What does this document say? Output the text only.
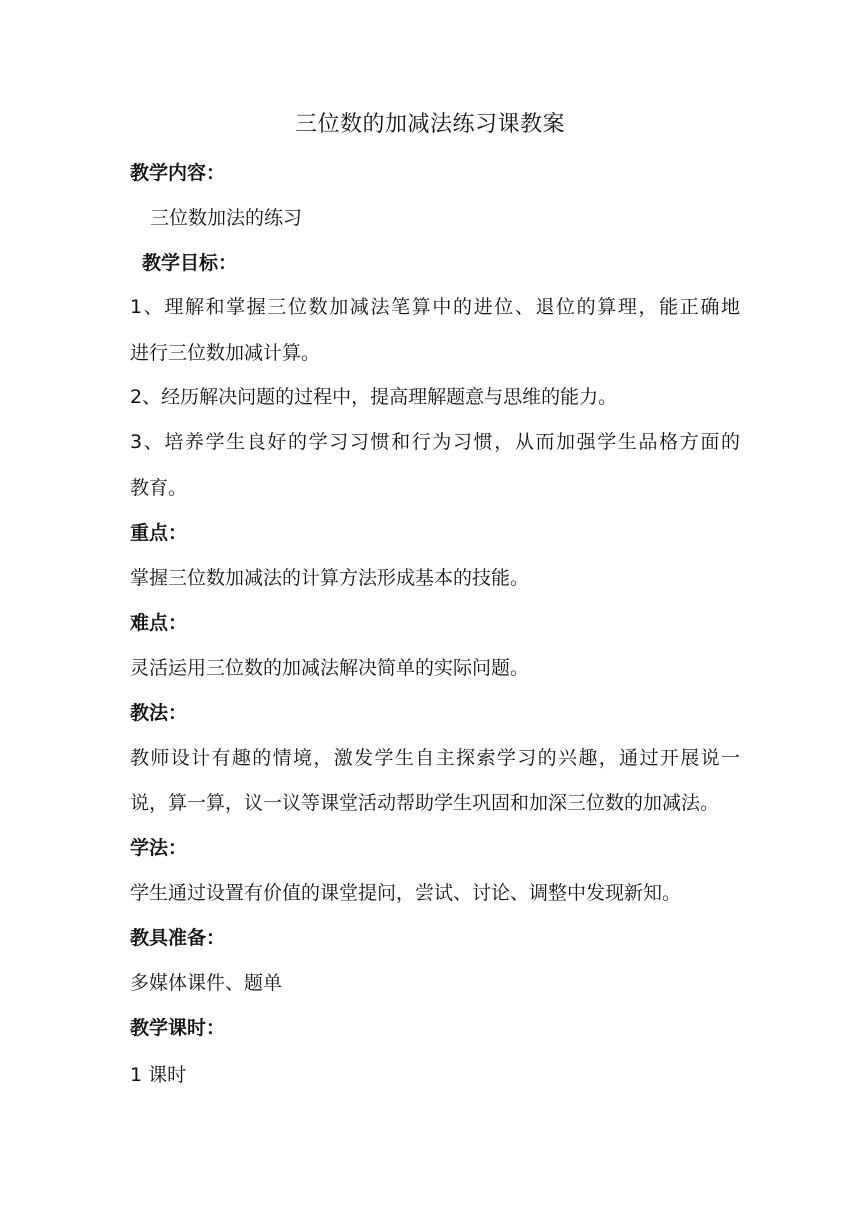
三位数的加减法练习课教案
教学内容：
三位数加法的练习
教学目标：
1、理解和掌握三位数加减法笔算中的进位、退位的算理，能正确地
进行三位数加减计算。
2、经历解决问题的过程中，提高理解题意与思维的能力。
3、培养学生良好的学习习惯和行为习惯，从而加强学生品格方面的
教育。
重点：
掌握三位数加减法的计算方法形成基本的技能。
难点：
灵活运用三位数的加减法解决简单的实际问题。
教法：
教师设计有趣的情境，激发学生自主探索学习的兴趣，通过开展说一
说，算一算，议一议等课堂活动帮助学生巩固和加深三位数的加减法。
学法：
学生通过设置有价值的课堂提问，尝试、讨论、调整中发现新知。
教具准备：
多媒体课件、题单
教学课时：
1 课时
